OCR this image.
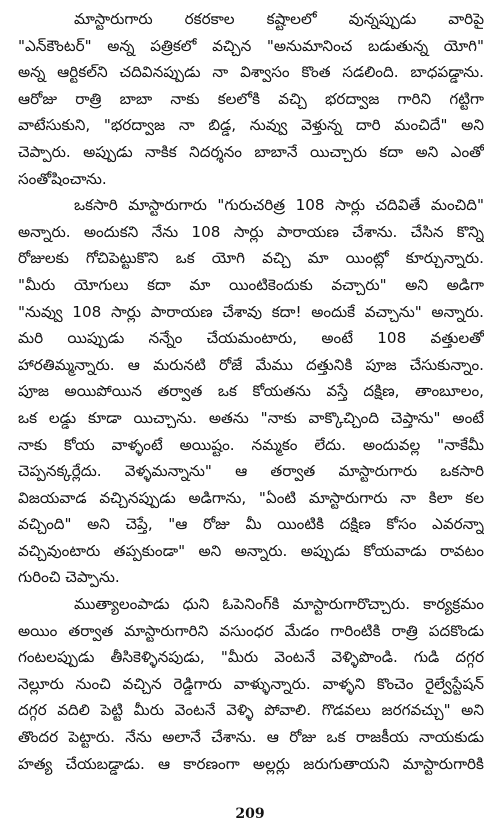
మాస్టారుగారు రకరకాల కష్టాలలో వున్నప్పుడు వారిపై
"ఎన్‌కౌంటర్" అన్న పత్రికలో వచ్చిన "అనుమానించ బడుతున్న యోగి"
అన్న ఆర్టికల్‌ని చదివినప్పుడు నా విశ్వాసం కొంత సడలింది. బాధపడ్డాను.
ఆరోజు రాత్రి బాబా నాకు కలలోకి వచ్చి భరద్వాజ గారిని గట్టిగా
వాటేసుకుని, "భరద్వాజ నా బిడ్డ, నువ్వు వెళ్తున్న దారి మంచిదే" అని
చెప్పారు. అప్పుడు నాకిక నిదర్శనం బాబానే యిచ్చారు కదా అని ఎంతో
సంతోషించాను.
ఒకసారి మాస్టారుగారు "గురుచరిత్ర 108 సార్లు చదివితే మంచిది"
అన్నారు. అందుకని నేను 108 సార్లు పారాయణ చేశాను. చేసిన కొన్ని
రోజులకు గోచిపెట్టుకొని ఒక యోగి వచ్చి మా యింట్లో కూర్చున్నారు.
"మీరు యోగులు కదా మా యింటికెందుకు వచ్చారు" అని అడిగా
"నువ్వు 108 సార్లు పారాయణ చేశావు కదా! అందుకే వచ్చాను" అన్నారు.
మరి యిప్పుడు నన్నేం చేయమంటారు, అంటే 108 వత్తులతో
హారతిమ్మన్నారు. ఆ మరునటి రోజే మేము దత్తునికి పూజ చేసుకున్నాం.
పూజ అయిపోయిన తర్వాత ఒక కోయతను వస్తే దక్షిణ, తాంబూలం,
ఒక లడ్డు కూడా యిచ్చాను. అతను "నాకు వాక్కొచ్చింది చెప్తాను" అంటే
నాకు కోయ వాళ్ళంటే అయిష్టం. నమ్మకం లేదు. అందువల్ల "నాకేమీ
చెప్పనక్కర్లేదు. వెళ్ళమన్నాను" ఆ తర్వాత మాస్టారుగారు ఒకసారి
విజయవాడ వచ్చినప్పుడు అడిగాను, "ఏంటి మాస్టారుగారు నా కిలా కల
వచ్చింది" అని చెప్తే, "ఆ రోజు మీ యింటికి దక్షిణ కోసం ఎవరన్నా
వచ్చివుంటారు తప్పకుండా" అని అన్నారు. అప్పుడు కోయవాడు రావటం
గురించి చెప్పాను.
ముత్యాలంపాడు ధుని ఓపెనింగ్‌కి మాస్టారుగారొచ్చారు. కార్యక్రమం
అయిం తర్వాత మాస్టారుగారిని వసుంధర మేడం గారింటికి రాత్రి పదకొండు
గంటలప్పుడు తీసికెళ్ళినపుడు, "మీరు వెంటనే వెళ్ళిపొండి. గుడి దగ్గర
నెల్లూరు నుంచి వచ్చిన రెడ్డిగారు వాళ్ళున్నారు. వాళ్ళని కొంచెం రైల్వేస్టేషన్
దగ్గర వదిలి పెట్టి మీరు వెంటనే వెళ్ళి పోవాలి. గొడవలు జరగవచ్చు" అని
తొందర పెట్టారు. నేను అలానే చేశాను. ఆ రోజు ఒక రాజకీయ నాయకుడు
హత్య చేయబడ్డాడు. ఆ కారణంగా అల్లర్లు జరుగుతాయని మాస్టారుగారికి
209
